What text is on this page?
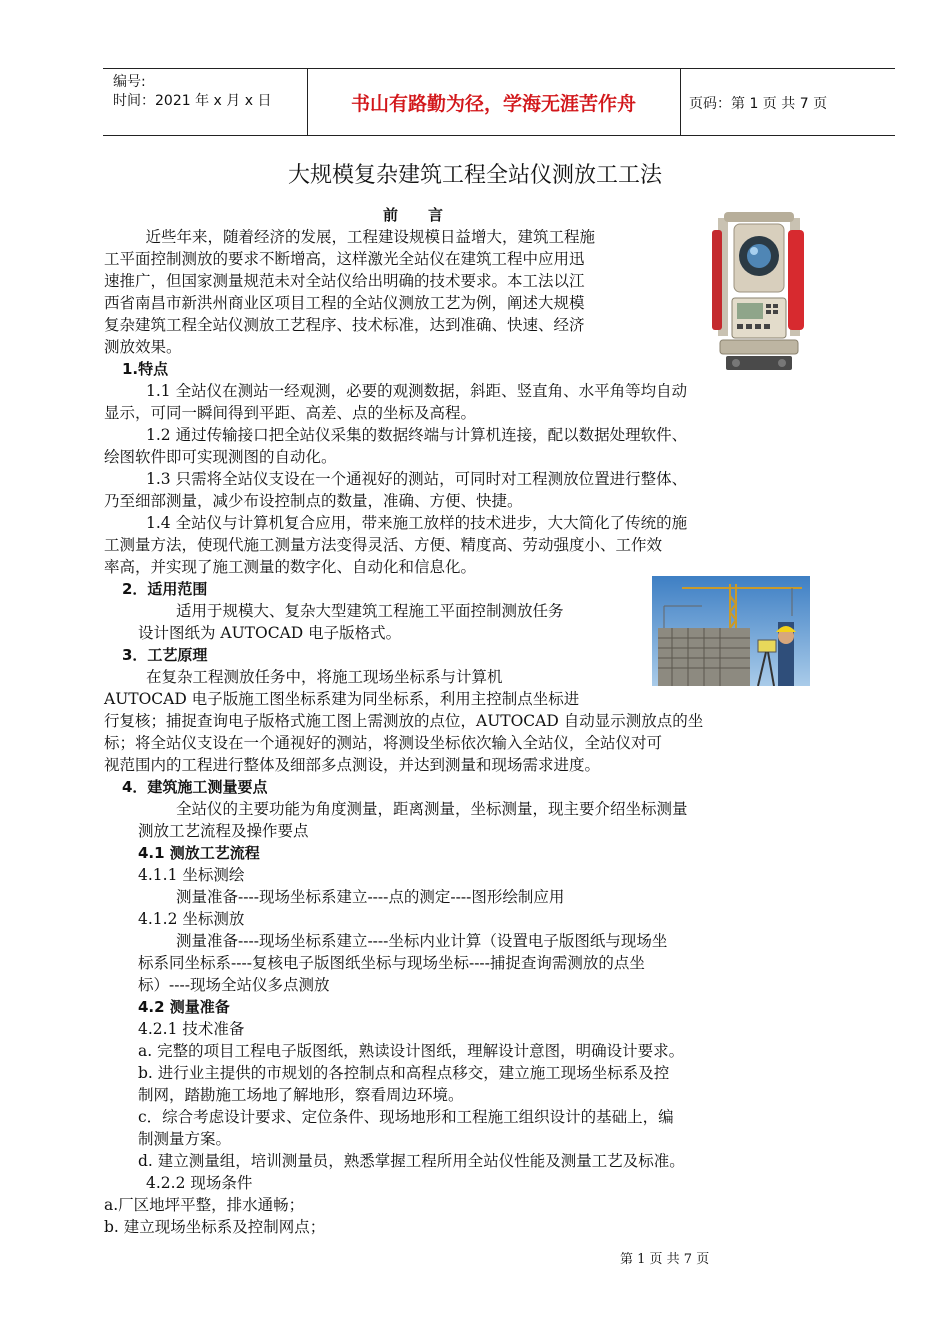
编号:
时间：2021 年 x 月 x 日	书山有路勤为径，学海无涯苦作舟	页码：第 1 页 共 7 页
大规模复杂建筑工程全站仪测放工工法
前　　言
　近些年来，随着经济的发展，工程建设规模日益增大，建筑工程施
工平面控制测放的要求不断增高，这样激光全站仪在建筑工程中应用迅
速推广，但国家测量规范未对全站仪给出明确的技术要求。本工法以江
西省南昌市新洪州商业区项目工程的全站仪测放工艺为例，阐述大规模
复杂建筑工程全站仪测放工艺程序、技术标准，达到准确、快速、经济
测放效果。
1.特点
1.1 全站仪在测站一经观测，必要的观测数据，斜距、竖直角、水平角等均自动
显示，可同一瞬间得到平距、高差、点的坐标及高程。
1.2 通过传输接口把全站仪采集的数据终端与计算机连接，配以数据处理软件、
绘图软件即可实现测图的自动化。
1.3 只需将全站仪支设在一个通视好的测站，可同时对工程测放位置进行整体、
乃至细部测量，减少布设控制点的数量，准确、方便、快捷。
1.4 全站仪与计算机复合应用，带来施工放样的技术进步，大大简化了传统的施
工测量方法，使现代施工测量方法变得灵活、方便、精度高、劳动强度小、工作效
率高，并实现了施工测量的数字化、自动化和信息化。
2．适用范围
适用于规模大、复杂大型建筑工程施工平面控制测放任务
设计图纸为 AUTOCAD 电子版格式。
3．工艺原理
在复杂工程测放任务中，将施工现场坐标系与计算机
AUTOCAD 电子版施工图坐标系建为同坐标系，利用主控制点坐标进
行复核；捕捉查询电子版格式施工图上需测放的点位，AUTOCAD 自动显示测放点的坐
标；将全站仪支设在一个通视好的测站，将测设坐标依次输入全站仪，全站仪对可
视范围内的工程进行整体及细部多点测设，并达到测量和现场需求进度。
4．建筑施工测量要点
全站仪的主要功能为角度测量，距离测量，坐标测量，现主要介绍坐标测量
测放工艺流程及操作要点
4.1 测放工艺流程
4.1.1 坐标测绘
测量准备----现场坐标系建立----点的测定----图形绘制应用
4.1.2 坐标测放
测量准备----现场坐标系建立----坐标内业计算（设置电子版图纸与现场坐
标系同坐标系----复核电子版图纸坐标与现场坐标----捕捉查询需测放的点坐
标）----现场全站仪多点测放
4.2 测量准备
4.2.1 技术准备
a. 完整的项目工程电子版图纸，熟读设计图纸，理解设计意图，明确设计要求。
b. 进行业主提供的市规划的各控制点和高程点移交，建立施工现场坐标系及控
制网，踏勘施工场地了解地形，察看周边环境。
c．综合考虑设计要求、定位条件、现场地形和工程施工组织设计的基础上，编
制测量方案。
d. 建立测量组，培训测量员，熟悉掌握工程所用全站仪性能及测量工艺及标准。
4.2.2 现场条件
a.厂区地坪平整，排水通畅；
b. 建立现场坐标系及控制网点；
第 1 页 共 7 页
